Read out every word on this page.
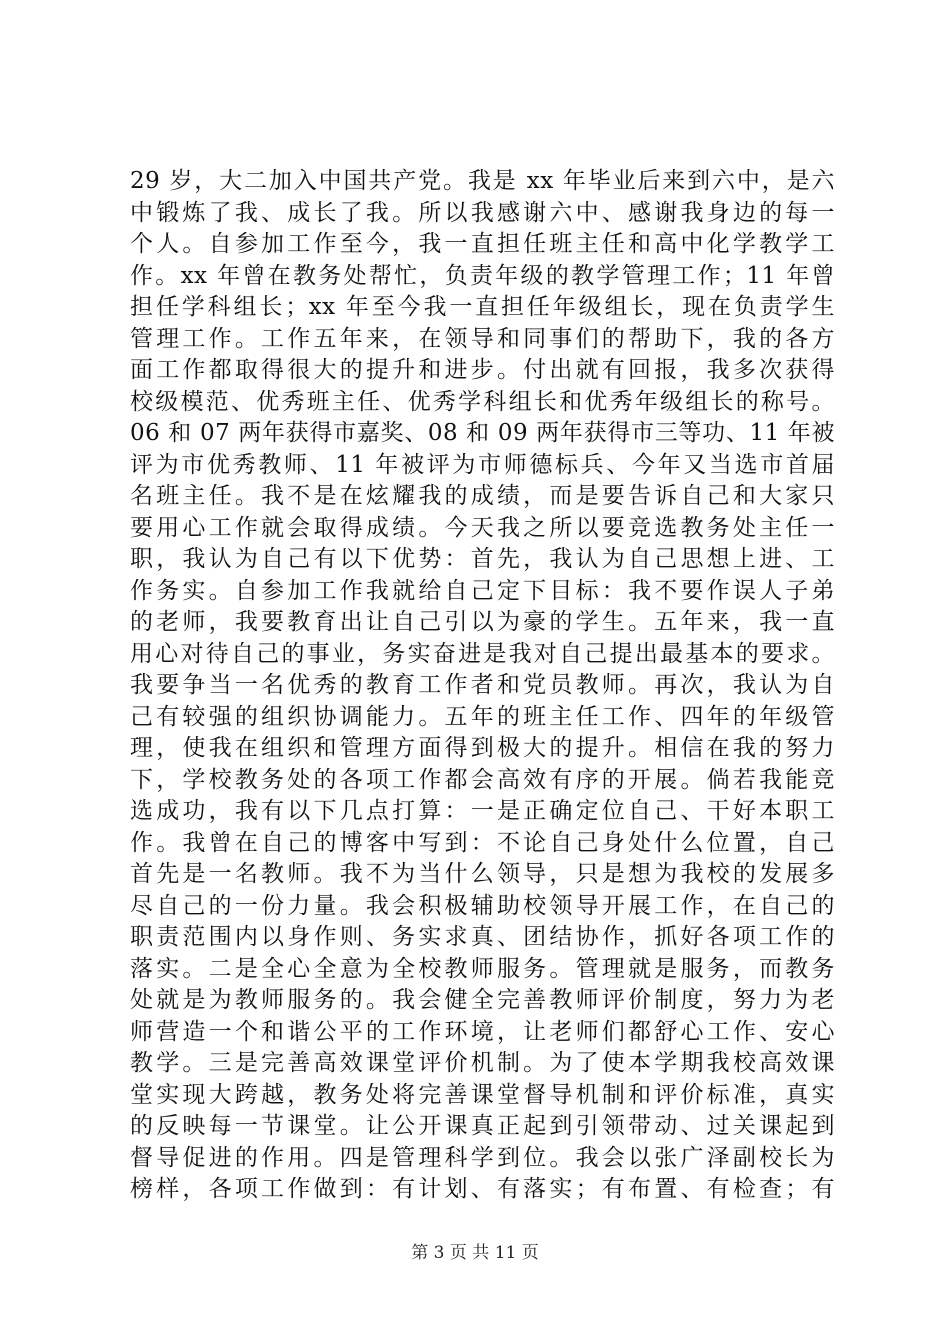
29 岁，大二加入中国共产党。我是 xx 年毕业后来到六中，是六
中锻炼了我、成长了我。所以我感谢六中、感谢我身边的每一
个人。自参加工作至今，我一直担任班主任和高中化学教学工
作。xx 年曾在教务处帮忙，负责年级的教学管理工作；11 年曾
担任学科组长；xx 年至今我一直担任年级组长，现在负责学生
管理工作。工作五年来，在领导和同事们的帮助下，我的各方
面工作都取得很大的提升和进步。付出就有回报，我多次获得
校级模范、优秀班主任、优秀学科组长和优秀年级组长的称号。
06 和 07 两年获得市嘉奖、08 和 09 两年获得市三等功、11 年被
评为市优秀教师、11 年被评为市师德标兵、今年又当选市首届
名班主任。我不是在炫耀我的成绩，而是要告诉自己和大家只
要用心工作就会取得成绩。今天我之所以要竞选教务处主任一
职，我认为自己有以下优势：首先，我认为自己思想上进、工
作务实。自参加工作我就给自己定下目标：我不要作误人子弟
的老师，我要教育出让自己引以为豪的学生。五年来，我一直
用心对待自己的事业，务实奋进是我对自己提出最基本的要求。
我要争当一名优秀的教育工作者和党员教师。再次，我认为自
己有较强的组织协调能力。五年的班主任工作、四年的年级管
理，使我在组织和管理方面得到极大的提升。相信在我的努力
下，学校教务处的各项工作都会高效有序的开展。倘若我能竞
选成功，我有以下几点打算：一是正确定位自己、干好本职工
作。我曾在自己的博客中写到：不论自己身处什么位置，自己
首先是一名教师。我不为当什么领导，只是想为我校的发展多
尽自己的一份力量。我会积极辅助校领导开展工作，在自己的
职责范围内以身作则、务实求真、团结协作，抓好各项工作的
落实。二是全心全意为全校教师服务。管理就是服务，而教务
处就是为教师服务的。我会健全完善教师评价制度，努力为老
师营造一个和谐公平的工作环境，让老师们都舒心工作、安心
教学。三是完善高效课堂评价机制。为了使本学期我校高效课
堂实现大跨越，教务处将完善课堂督导机制和评价标准，真实
的反映每一节课堂。让公开课真正起到引领带动、过关课起到
督导促进的作用。四是管理科学到位。我会以张广泽副校长为
榜样，各项工作做到：有计划、有落实；有布置、有检查；有
第 3 页 共 11 页
